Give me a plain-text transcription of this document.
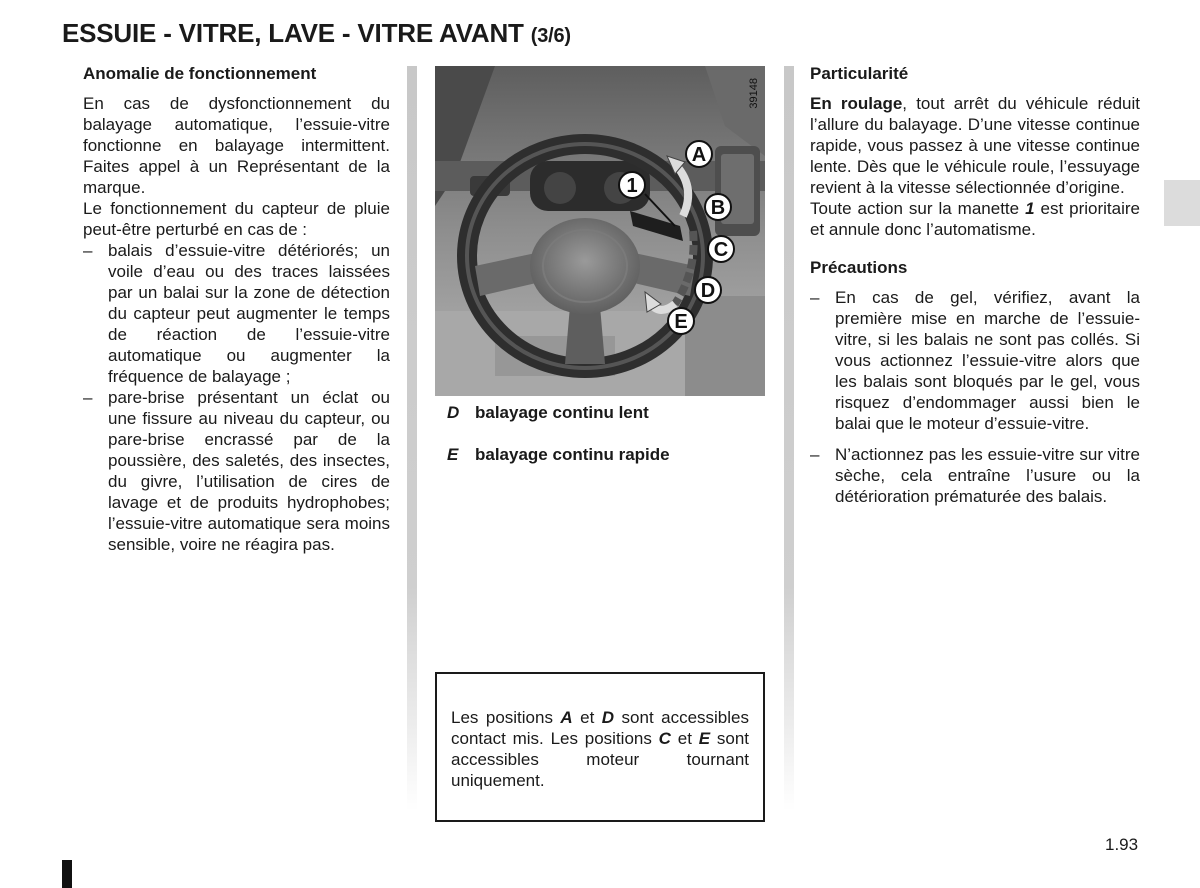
ESSUIE - VITRE, LAVE - VITRE AVANT (3/6)

Anomalie de fonctionnement

En cas de dysfonctionnement du balayage automatique, l’essuie-vitre fonctionne en balayage intermittent. Faites appel à un Représentant de la marque.

Le fonctionnement du capteur de pluie peut-être perturbé en cas de :

– balais d’essuie-vitre détériorés; un voile d’eau ou des traces laissées par un balai sur la zone de détection du capteur peut augmenter le temps de réaction de l’essuie-vitre automatique ou augmenter la fréquence de balayage ;
– pare-brise présentant un éclat ou une fissure au niveau du capteur, ou pare-brise encrassé par de la poussière, des saletés, des insectes, du givre, l’utilisation de cires de lavage et de produits hydrophobes; l’essuie-vitre automatique sera moins sensible, voire ne réagira pas.
1
A
B
C
D
E
39148
D balayage continu lent
E balayage continu rapide

Les positions A et D sont accessibles contact mis. Les positions C et E sont accessibles moteur tournant uniquement.

Particularité

En roulage, tout arrêt du véhicule réduit l’allure du balayage. D’une vitesse continue rapide, vous passez à une vitesse continue lente. Dès que le véhicule roule, l’essuyage revient à la vitesse sélectionnée d’origine.

Toute action sur la manette 1 est prioritaire et annule donc l’automatisme.

Précautions

– En cas de gel, vérifiez, avant la première mise en marche de l’essuie-vitre, si les balais ne sont pas collés. Si vous actionnez l’essuie-vitre alors que les balais sont bloqués par le gel, vous risquez d’endommager aussi bien le balai que le moteur d’essuie-vitre.
– N’actionnez pas les essuie-vitre sur vitre sèche, cela entraîne l’usure ou la détérioration prématurée des balais.
1.93
